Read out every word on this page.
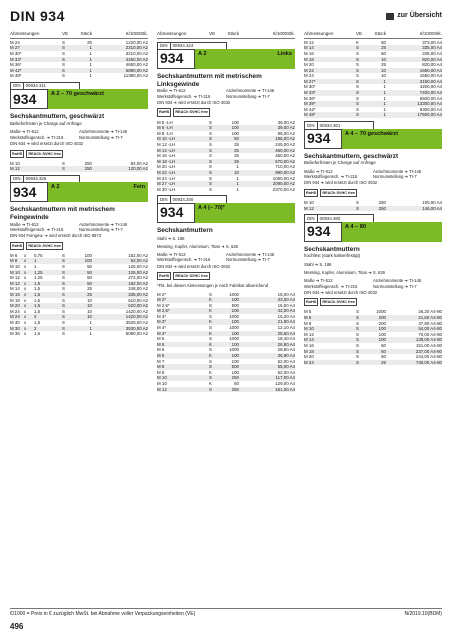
DIN 934	zur Übersicht
Abmessungen	VE	Stück	€/1000Stk.
M 24	S	25	1220,00 A2
M 27	S	1	2310,00 A2
M 30*	S	1	3210,00 A2
M 33*	S	1	4250,00 A2
M 36*	S	1	4650,00 A2
M 42*	S	1	6880,00 A2
M 48*	S	1	11380,00 A2
DIN	00934.311
934	A 2 – 70 geschwärzt
Sechskantmuttern, geschwärzt
Beilieferfristen je Charge auf Anfrage
Maße ➔ TI-612	Anziehmomente ➔ TI-146
Werkstoffeigensch. ➔ TI-216	Normumstellung ➔ TI-7
DIN 934 ➔ wird ersetzt durch ISO 4032
RoHS	REACh SVHC free
M 10	S	250	84,00 A2
M 12	S	250	120,00 A2
DIN	00934.325
934	A 2	Fein
Sechskantmuttern mit metrischem Feingewinde
Maße ➔ TI-612	Anziehmomente ➔ TI-146
Werkstoffeigensch. ➔ TI-216	Normumstellung ➔ TI-7
DIN 934 Feingew. ➔ wird ersetzt durch ISO 8673
RoHS	REACh SVHC free
M 6	x	0,75	S	100	152,00 A2
M 8	x	1	S	100	92,00 A2
M 10 x	1	S	50	126,00 A2
M 10 x	1,25	S	50	126,00 A2
M 12 x	1,25	S	50	272,00 A2
M 12 x	1,5	S	50	182,00 A2
M 14 x	1,5	S	25	248,00 A2
M 16 x	1,5	S	25	335,00 A2
M 18 x	1,5	S	10	610,00 A2
M 20 x	1,5	S	10	620,00 A2
M 24 x	1,5	S	10	1420,00 A2
M 24 x	2	S	10	1420,00 A2
M 30 x	1,5	S	1	3530,00 A2
M 30 x	2	S	1	3530,00 A2
M 36 x	1,5	S	1	5080,00 A2
Abmessungen	VE	Stück	€/1000Stk.
DIN	00934.324
934	A 2	Links
Sechskantmuttern mit metrischem Linksgewinde
Maße ➔ TI-612	Anziehmomente ➔ TI-146
Werkstoffeigensch. ➔ TI-216	Normumstellung ➔ TI-7
DIN 934 ➔ wird ersetzt durch ISO 4032
RoHS	REACh SVHC free
M 5 -LH	S	100	39,00 A2
M 6 -LH	S	100	39,00 A2
M 8 -LH	S	100	96,00 A2
M 10 -LH	S	50	186,00 A2
M 12 -LH	S	25	245,00 A2
M 14 -LH	S	25	460,00 A2
M 16 -LH	S	25	460,00 A2
M 18 -LH	S	25	570,00 A2
M 20 -LH	S	1	710,00 A2
M 22 -LH	S	10	990,00 A2
M 24 -LH	S	1	1050,00 A2
M 27 -LH	S	1	2090,00 A2
M 30 -LH	S	1	2370,00 A2
DIN	00934.340
934	A 4 (– 70)*
Sechskantmuttern
Stahl ➔ S. 188
Messing, Kupfer, Aluminium, Titan ➔ S. 626
Maße ➔ TI-612	Anziehmomente ➔ TI-146
Werkstoffeigensch. ➔ TI-216	Normumstellung ➔ TI-7
DIN 934 ➔ wird ersetzt durch ISO 4032
RoHS	REACh SVHC free
*Fkt. bei diesen Abmessungen je nach Fabrikat abweichend
M 2*	S	1000	18,00 A4
M 2*	K	100	43,50 A4
M 2,5*	S	500	16,50 A4
M 2,5*	K	100	42,00 A4
M 3*	S	1000	15,20 A4
M 3*	K	100	21,90 A4
M 4*	S	1000	12,10 A4
M 4*	K	100	25,50 A4
M 5	S	1000	18,40 A4
M 5	K	100	26,50 A4
M 6	S	1000	28,50 A4
M 6	K	100	36,90 A4
M 7	S	100	52,00 A4
M 8	S	500	55,00 A4
M 8	K	100	62,00 A4
M 10	S	250	117,00 A4
M 10	K	50	129,00 A4
M 12	S	250	161,00 A4
Abmessungen	VE	Stück	€/1000Stk.
M 12	K	50	373,00 A4
M 14	S	25	335,00 A4
M 16	S	50	335,00 A4
M 18	S	10	820,00 A4
M 20	S	25	820,00 A4
M 22	S	10	1650,00 A4
M 24	S	10	1650,00 A4
M 27*	S	1	3150,00 A4
M 30*	S	1	4200,00 A4
M 33*	S	1	7400,00 A4
M 36*	S	1	6500,00 A4
M 39*	S	1	13300,00 A4
M 42*	S	1	9300,00 A4
M 48*	S	1	17500,00 A4
DIN	00934.361
934	A 4 – 70 geschwärzt
Sechskantmuttern, geschwärzt
Beilieferfristen je Charge auf Anfrage
Maße ➔ TI-612	Anziehmomente ➔ TI-146
Werkstoffeigensch. ➔ TI-216	Normumstellung ➔ TI-7
DIN 934 ➔ wird ersetzt durch ISO 4032
RoHS	REACh SVHC free
M 10	S	250	100,00 A4
M 12	S	250	146,00 A4
DIN	00934.380
934	A 4 – 80
Sechskantmuttern
hochfest (stark kaltverfestigt)
Stahl ➔ S. 188
Messing, Kupfer, Aluminium, Titan ➔ S. 626
Maße ➔ TI-612	Anziehmomente ➔ TI-146
Werkstoffeigensch. ➔ TI-216	Normumstellung ➔ TI-7
DIN 934 ➔ wird ersetzt durch ISO 4032
RoHS	REACh SVHC free
M 5	S	1000	26,20 A4-80
M 6	S	200	21,60 A4-80
M 8	S	200	37,80 A4-80
M 10	S	100	54,00 A4-80
M 12	S	100	70,00 A4-80
M 14	S	100	138,00 A4-80
M 16	S	50	151,00 A4-80
M 18	S	50	237,00 A4-80
M 20	S	50	244,00 A4-80
M 24	S	25	740,00 A4-80
€/1000 = Preis in € zuzüglich MwSt. bei Abnahme voller Verpackungseinheiten (VE)	N/2019.10(BDM)
496
